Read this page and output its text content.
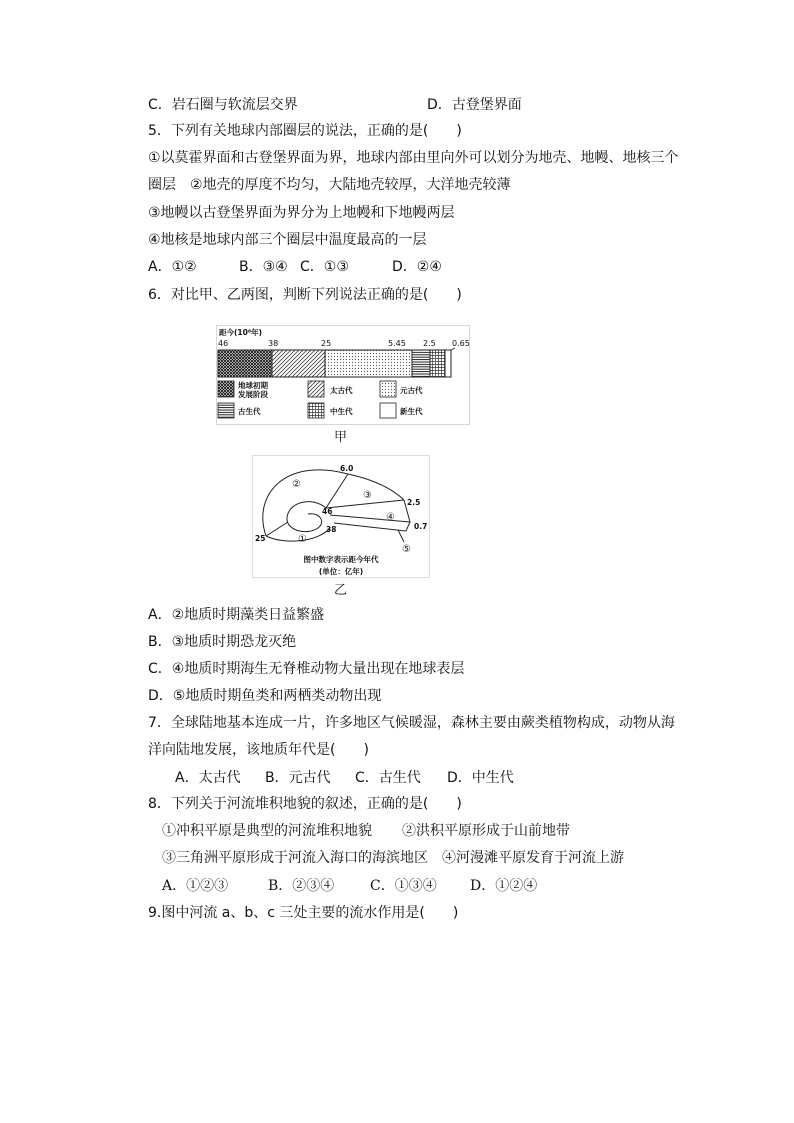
C．岩石圈与软流层交界	D．古登堡界面
5．下列有关地球内部圈层的说法，正确的是(　　)
①以莫霍界面和古登堡界面为界，地球内部由里向外可以划分为地壳、地幔、地核三个
圈层 ②地壳的厚度不均匀，大陆地壳较厚，大洋地壳较薄
③地幔以古登堡界面为界分为上地幔和下地幔两层
④地核是地球内部三个圈层中温度最高的一层
A．①②	B．③④ C．①③	D．②④
6．对比甲、乙两图，判断下列说法正确的是(　　)
距今(10⁸年)
46	38	25	5.45 2.5 0.65
地球初期
发展阶段	太古代	元古代
古生代	中生代	新生代
甲
①
②
③
④
⑤
6.0
2.5
0.7
46
38
25
图中数字表示距今年代
(单位：亿年)
乙
A．②地质时期藻类日益繁盛
B．③地质时期恐龙灭绝
C．④地质时期海生无脊椎动物大量出现在地球表层
D．⑤地质时期鱼类和两栖类动物出现
7．全球陆地基本连成一片，许多地区气候暖湿，森林主要由蕨类植物构成，动物从海
洋向陆地发展，该地质年代是(　　)
A．太古代 B．元古代 C．古生代 D．中生代
8．下列关于河流堆积地貌的叙述，正确的是(　　)
①冲积平原是典型的河流堆积地貌 ②洪积平原形成于山前地带
③三角洲平原形成于河流入海口的海滨地区 ④河漫滩平原发育于河流上游
A．①②③	B．②③④	C．①③④ D．①②④
9.图中河流 a、b、c 三处主要的流水作用是(　　)
